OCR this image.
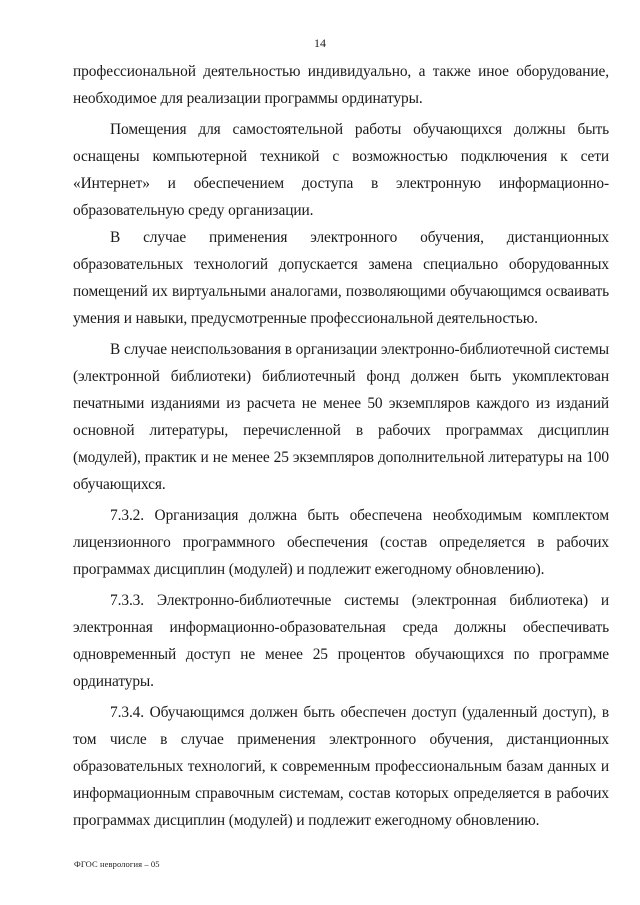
14

профессиональной деятельностью индивидуально, а также иное оборудование, необходимое для реализации программы ординатуры.

Помещения для самостоятельной работы обучающихся должны быть оснащены компьютерной техникой с возможностью подключения к сети «Интернет» и обеспечением доступа в электронную информационно-образовательную среду организации.

В случае применения электронного обучения, дистанционных образовательных технологий допускается замена специально оборудованных помещений их виртуальными аналогами, позволяющими обучающимся осваивать умения и навыки, предусмотренные профессиональной деятельностью.

В случае неиспользования в организации электронно-библиотечной системы (электронной библиотеки) библиотечный фонд должен быть укомплектован печатными изданиями из расчета не менее 50 экземпляров каждого из изданий основной литературы, перечисленной в рабочих программах дисциплин (модулей), практик и не менее 25 экземпляров дополнительной литературы на 100 обучающихся.

7.3.2. Организация должна быть обеспечена необходимым комплектом лицензионного программного обеспечения (состав определяется в рабочих программах дисциплин (модулей) и подлежит ежегодному обновлению).

7.3.3. Электронно-библиотечные системы (электронная библиотека) и электронная информационно-образовательная среда должны обеспечивать одновременный доступ не менее 25 процентов обучающихся по программе ординатуры.

7.3.4. Обучающимся должен быть обеспечен доступ (удаленный доступ), в том числе в случае применения электронного обучения, дистанционных образовательных технологий, к современным профессиональным базам данных и информационным справочным системам, состав которых определяется в рабочих программах дисциплин (модулей) и подлежит ежегодному обновлению.

ФГОС неврология – 05
